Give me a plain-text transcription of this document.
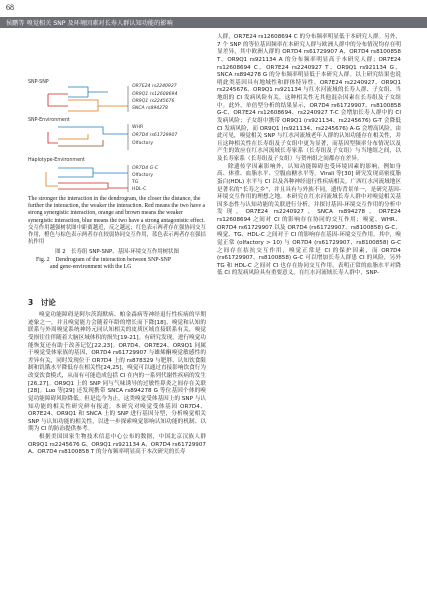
68
侯鹏等 嗅觉相关 SNP 及环境因素对长寿人群认知功能的影响
SNP-SNP
SNP-Environment
Haplotype-Environment
OR7E24 rs2240927
OR9Q1 rs12608694
OR9Q1 rs2245676
SNCA rs894278
WHR
OR7D4 rs61729907
Olfactory
OR7D4 G-C
Olfactory
TG
HDL-C

The stronger the interaction in the dendrogram, the closer the distance, the further the interaction, the weaker the interaction. Red means the two have a strong synergistic interaction, orange and brown means the weaker synergistic interaction, blue means the two have a strong antagonistic effect.

交互作用越强树状图中距离越近，反之越远；红色表示两者存在强协同交互作用，橙色与棕色表示两者存在较弱协同交互作用，蓝色表示两者存在强拮抗作用

图 2　长寿组 SNP-SNP、基因-环境交互作用树状图

Fig. 2　Dendrogram of the interaction between SNP-SNP

and gene-environment with the LG

3　讨论

嗅觉功能障碍是阿尔茨海默病、帕金森病等神经退行性疾病的早期迹象之一，并且嗅觉能力会随着年龄的增长而下降[18]。嗅觉和认知的联系与外周嗅觉系统神经元同认知相关的皮质区域直接联系有关，嗅觉受损往往伴随着大脑区域体积的损失[19-21]。有研究发现，进行嗅觉功能恢复还有助于改善记忆[22,23]。OR7D4、OR7E24、OR9Q1 同属于嗅觉受体家族的基因，OR7D4 rs61729907 与雄烯酮嗅觉敏感性的差异有关，同时发现位于 OR7D4 上的 rs878329 与肥胖、认知饮食限制和饥饿水平降低存在相关性[24,25]，嗅觉可以通过直接影响饮食行为改变饮食模式，从而有可能造成包括 CI 在内的一系列代谢性疾病的发生[26,27]。OR9Q1 上的 SNP 同与气味诱导的过敏性鼻炎之间存在关联[28]。Luo 等[29] 还发现携带 SNCA rs894278 G 等位基因个体的嗅觉功能障碍风险降低。但是迄今为止，这类嗅觉受体基因上的 SNP 与认知功能的相关性研究鲜有报道。本研究对嗅觉受体基因 OR7D4、OR7E24、OR9Q1 和 SNCA 上的 SNP 进行基因分型，分析嗅觉相关 SNP 与认知功能的相关性，以进一步探索嗅觉影响认知功能的机制、以期为 CI 的防治提供参考。

根据美国国家生物技术信息中心公布的数据，中国北京汉族人群 OR9Q1 rs2245676 G、OR9Q1 rs921134 A、OR7D4 rs61729907 A、OR7D4 rs8100858 T 的分布频率明显高于本次研究的长寿

人群，OR7E24 rs12608694 C 的分布频率明显低于本研究人群。另外，7 个 SNP 的等位基因频率在本研究人群与欧洲人群中的分布情况均存在明显差异，其中欧洲人群的 OR7D4 rs61729907 A、OR7D4 rs8100858 T、OR9Q1 rs921134 A 的分布频率明显高于本研究人群；OR7E24 rs12608694 C、OR7E24 rs2240927 T、OR9Q1 rs921134 G、SNCA rs894278 G 的分布频率明显低于本研究人群。以上研究结果也说明此类基因具有地域性和群体特异性。OR7E24 rs2240927、OR9Q1 rs2245676、OR9Q1 rs921134 与红水河流域的长寿人群、子女组、当地组的 CI 发病风险有关，这种相关性无其他混杂因素在长寿组及子女组中。此外，单倍型分析的结果显示，OR7D4 rs61729907、rs8100858 G-C、OR7E24 rs12608694、rs2240927 T-C 会增加长寿人群中的 CI 发病风险；子女组中携带 OR9Q1 (rs921134、rs2245676) G-T 会降低 CI 发病风险，而 OR9Q1 (rs921134、rs2245676) A-G 会增高风险。由此可见，嗅觉相关 SNP 与红水河流域老年人群的认知功能存在相关性，并且这种相关性在长寿组及子女组中更为显著，而基因型频率分布情况以及产生的效应在红水河流域长寿家系（长寿组及子女组）与当地组之间，以及长寿家系（长寿组及子女组）与贺州组之间都存在差异。

除遗传学因素影响外，认知功能障碍也受环境因素的影响，例如身高、体重、血脂水平、空腹血糖水平等。Virali 等[30] 研究发现高密度脂蛋白(HDL) 水平与 CI 以及各种神经退行性疾病相关。广西红水河流域地区是著名的“长寿之乡”，并且具有与外族不同，遗传背景单一，是研究基因-环境交互作用的理想之地。本研究在红水河流域长寿人群中对嗅觉相关基因多态性与认知功能的关联进行分析，并探讨基因-环境交互作用的分析中发现，OR7E24 rs2240927、SNCA rs894278、OR7E24 rs12608694 之间对 CI 的影响存在协同的交互作用；嗅觉、WHR、OR7D4 rs61729907 以及 OR7D4 (rs61729907、rs8100858) G-C、嗅觉、TG、HDL-C 之间对于 CI 的影响存在基因-环境交互作用。其中，嗅觉正常 (olfactory > 10) 与 OR7D4 (rs61729907、rs8100858) G-C 之间存在拮抗交互作用，嗅觉正常是 CI 的保护因素，而 OR7D4 (rs61729907、rs8100858) G-C 可以增加长寿人群患 CI 的风险，另外 TG 和 HDL-C 之间对 CI 也存在协同交互作用，表明正常的血脂水平对降低 CI 的发病风险具有重要意义。在红水河流域长寿人群中，SNP-
